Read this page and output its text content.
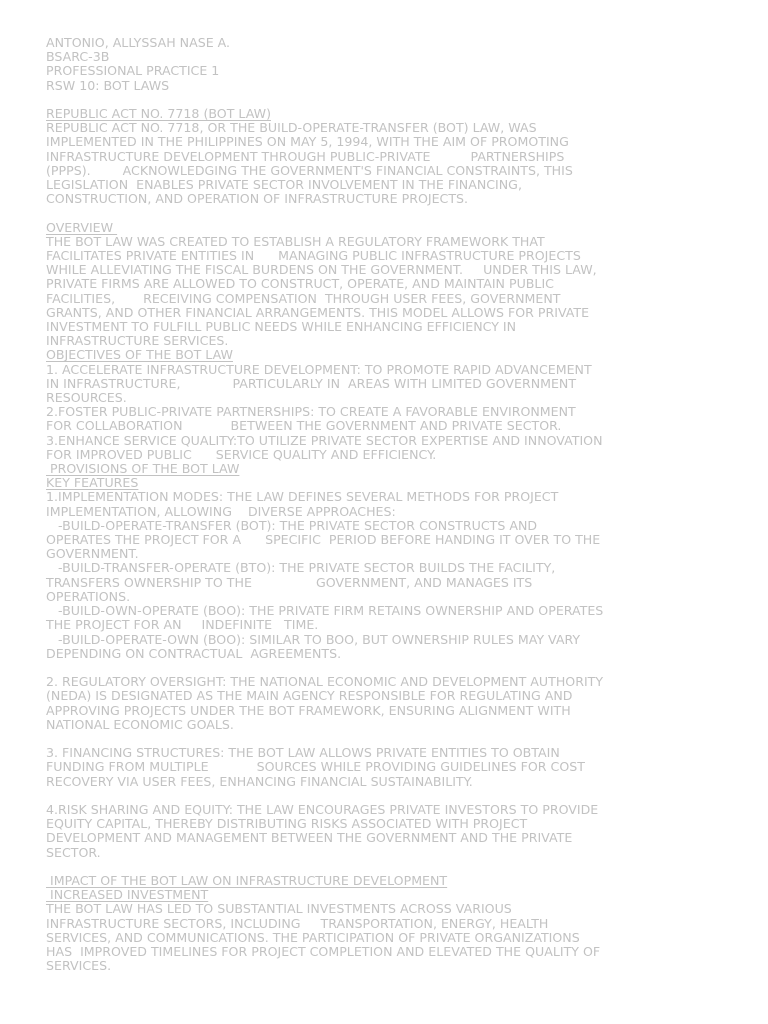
ANTONIO, ALLYSSAH NASE A.
BSARC-3B
PROFESSIONAL PRACTICE 1
RSW 10: BOT LAWS
REPUBLIC ACT NO. 7718 (BOT LAW)
REPUBLIC ACT NO. 7718, OR THE BUILD-OPERATE-TRANSFER (BOT) LAW, WAS
IMPLEMENTED IN THE PHILIPPINES ON MAY 5, 1994, WITH THE AIM OF PROMOTING
INFRASTRUCTURE DEVELOPMENT THROUGH PUBLIC-PRIVATE          PARTNERSHIPS
(PPPS).        ACKNOWLEDGING THE GOVERNMENT'S FINANCIAL CONSTRAINTS, THIS
LEGISLATION  ENABLES PRIVATE SECTOR INVOLVEMENT IN THE FINANCING,
CONSTRUCTION, AND OPERATION OF INFRASTRUCTURE PROJECTS.
OVERVIEW
THE BOT LAW WAS CREATED TO ESTABLISH A REGULATORY FRAMEWORK THAT
FACILITATES PRIVATE ENTITIES IN      MANAGING PUBLIC INFRASTRUCTURE PROJECTS
WHILE ALLEVIATING THE FISCAL BURDENS ON THE GOVERNMENT.     UNDER THIS LAW,
PRIVATE FIRMS ARE ALLOWED TO CONSTRUCT, OPERATE, AND MAINTAIN PUBLIC
FACILITIES,       RECEIVING COMPENSATION  THROUGH USER FEES, GOVERNMENT
GRANTS, AND OTHER FINANCIAL ARRANGEMENTS. THIS MODEL ALLOWS FOR PRIVATE
INVESTMENT TO FULFILL PUBLIC NEEDS WHILE ENHANCING EFFICIENCY IN
INFRASTRUCTURE SERVICES.
OBJECTIVES OF THE BOT LAW
1. ACCELERATE INFRASTRUCTURE DEVELOPMENT: TO PROMOTE RAPID ADVANCEMENT
IN INFRASTRUCTURE,             PARTICULARLY IN  AREAS WITH LIMITED GOVERNMENT
RESOURCES.
2.FOSTER PUBLIC-PRIVATE PARTNERSHIPS: TO CREATE A FAVORABLE ENVIRONMENT
FOR COLLABORATION            BETWEEN THE GOVERNMENT AND PRIVATE SECTOR.
3.ENHANCE SERVICE QUALITY:TO UTILIZE PRIVATE SECTOR EXPERTISE AND INNOVATION
FOR IMPROVED PUBLIC      SERVICE QUALITY AND EFFICIENCY.
PROVISIONS OF THE BOT LAW
KEY FEATURES
1.IMPLEMENTATION MODES: THE LAW DEFINES SEVERAL METHODS FOR PROJECT
IMPLEMENTATION, ALLOWING    DIVERSE APPROACHES:
-BUILD-OPERATE-TRANSFER (BOT): THE PRIVATE SECTOR CONSTRUCTS AND
OPERATES THE PROJECT FOR A      SPECIFIC  PERIOD BEFORE HANDING IT OVER TO THE
GOVERNMENT.
-BUILD-TRANSFER-OPERATE (BTO): THE PRIVATE SECTOR BUILDS THE FACILITY,
TRANSFERS OWNERSHIP TO THE                GOVERNMENT, AND MANAGES ITS
OPERATIONS.
-BUILD-OWN-OPERATE (BOO): THE PRIVATE FIRM RETAINS OWNERSHIP AND OPERATES
THE PROJECT FOR AN     INDEFINITE   TIME.
-BUILD-OPERATE-OWN (BOO): SIMILAR TO BOO, BUT OWNERSHIP RULES MAY VARY
DEPENDING ON CONTRACTUAL  AGREEMENTS.
2. REGULATORY OVERSIGHT: THE NATIONAL ECONOMIC AND DEVELOPMENT AUTHORITY
(NEDA) IS DESIGNATED AS THE MAIN AGENCY RESPONSIBLE FOR REGULATING AND
APPROVING PROJECTS UNDER THE BOT FRAMEWORK, ENSURING ALIGNMENT WITH
NATIONAL ECONOMIC GOALS.
3. FINANCING STRUCTURES: THE BOT LAW ALLOWS PRIVATE ENTITIES TO OBTAIN
FUNDING FROM MULTIPLE            SOURCES WHILE PROVIDING GUIDELINES FOR COST
RECOVERY VIA USER FEES, ENHANCING FINANCIAL SUSTAINABILITY.
4.RISK SHARING AND EQUITY: THE LAW ENCOURAGES PRIVATE INVESTORS TO PROVIDE
EQUITY CAPITAL, THEREBY DISTRIBUTING RISKS ASSOCIATED WITH PROJECT
DEVELOPMENT AND MANAGEMENT BETWEEN THE GOVERNMENT AND THE PRIVATE
SECTOR.
IMPACT OF THE BOT LAW ON INFRASTRUCTURE DEVELOPMENT
INCREASED INVESTMENT
THE BOT LAW HAS LED TO SUBSTANTIAL INVESTMENTS ACROSS VARIOUS
INFRASTRUCTURE SECTORS, INCLUDING     TRANSPORTATION, ENERGY, HEALTH
SERVICES, AND COMMUNICATIONS. THE PARTICIPATION OF PRIVATE ORGANIZATIONS
HAS  IMPROVED TIMELINES FOR PROJECT COMPLETION AND ELEVATED THE QUALITY OF
SERVICES.
